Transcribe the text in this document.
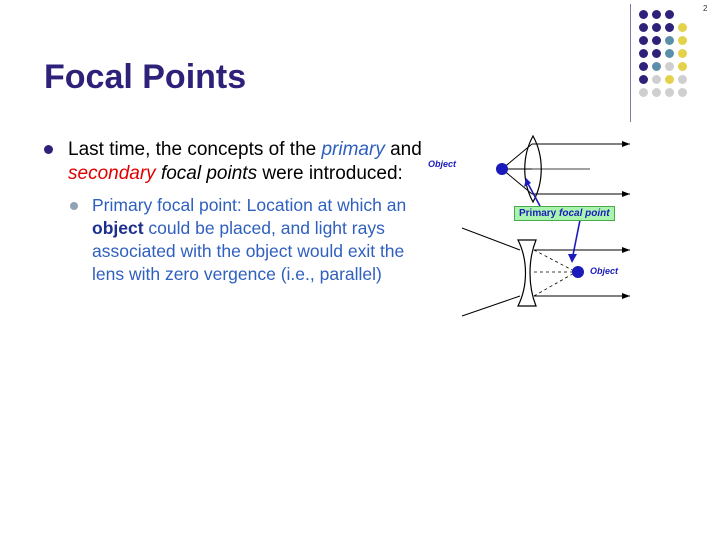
2
Focal Points
Last time, the concepts of the primary and secondary focal points were introduced:
Primary focal point: Location at which an object could be placed, and light rays associated with the object would exit the lens with zero vergence (i.e., parallel)
Object
Object
Primary focal point
